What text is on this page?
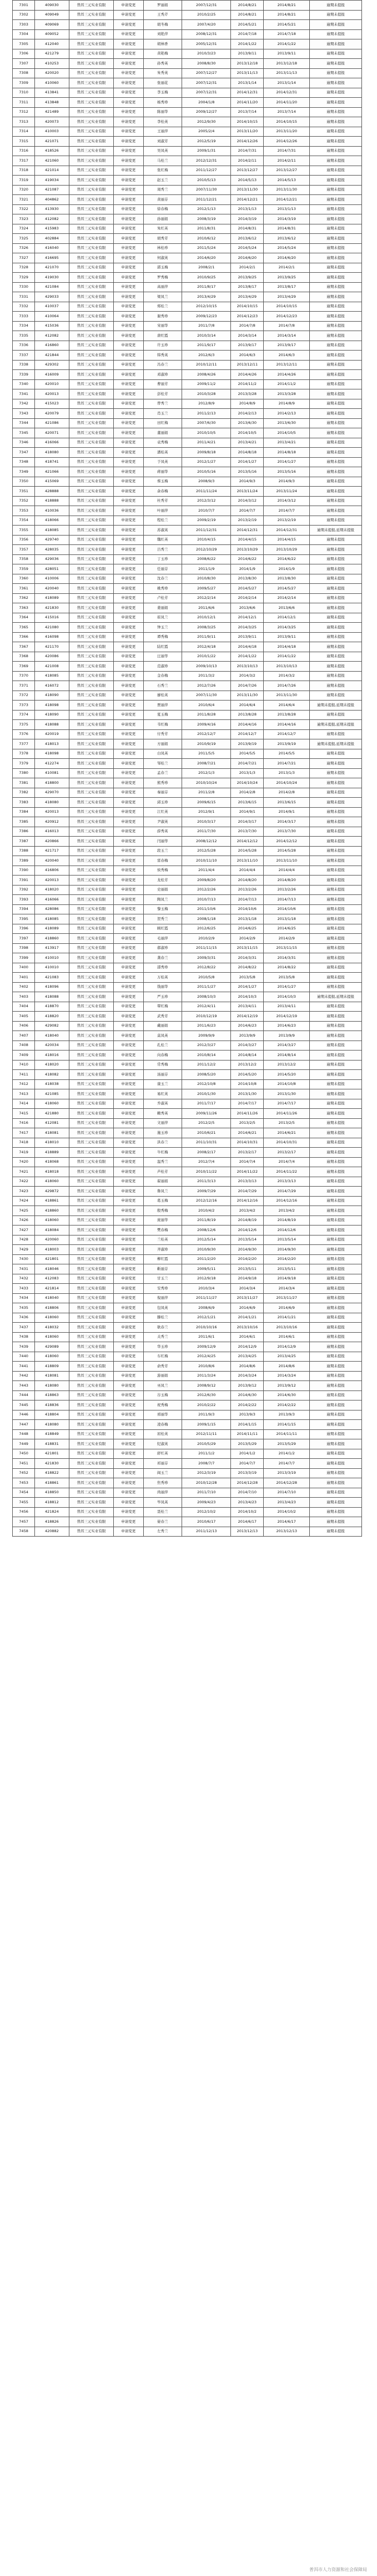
7301	409030	普洱三元实业有限	申请变更	罗丽娟	2007/12/31	2014/8/21	2014/8/21	逾期未提报
7302	409049	普洱三元实业有限	申请变更	王秀芹	2010/2/25	2014/8/21	2014/8/21	逾期未提报
7303	409069	普洱三元实业有限	申请变更	胡冬梅	2007/4/20	2014/5/21	2014/5/21	逾期未提报
7304	409052	普洱三元实业有限	申请变更	刘艳萍	2008/12/31	2014/7/18	2014/7/18	逾期未提报
7305	412040	普洱三元实业有限	申请变更	胡林香	2005/12/31	2014/1/22	2014/1/22	逾期未提报
7306	421279	普洱三元实业有限	申请变更	黄艳梅	2010/3/23	2013/9/11	2013/9/11	逾期未提报
7307	410253	普洱三元实业有限	申请变更	孙秀英	2008/8/30	2013/12/18	2013/12/18	逾期未提报
7308	420020	普洱三元实业有限	申请变更	朱秀英	2007/12/27	2013/11/13	2013/11/13	逾期未提报
7309	410060	普洱三元实业有限	申请变更	张丽花	2007/12/31	2013/1/14	2013/1/14	逾期未提报
7310	413841	普洱三元实业有限	申请变更	李玉梅	2007/12/31	2014/12/31	2014/12/31	逾期未提报
7311	413848	普洱三元实业有限	申请变更	杨秀珍	2004/1/8	2014/11/20	2014/11/20	逾期未提报
7312	421489	普洱三元实业有限	申请变更	陈丽华	2009/12/27	2013/7/14	2013/7/14	逾期未提报
7313	420073	普洱三元实业有限	申请变更	李桂英	2012/9/30	2014/10/15	2014/10/15	逾期未提报
7314	410003	普洱三元实业有限	申请变更	王丽萍	2005/2/4	2013/11/20	2013/11/20	逾期未提报
7315	421071	普洱三元实业有限	申请变更	刘淑芳	2012/5/19	2014/12/26	2014/12/26	逾期未提报
7316	418526	普洱三元实业有限	申请变更	吴凤英	2009/1/31	2014/7/31	2014/7/31	逾期未提报
7317	421060	普洱三元实业有限	申请变更	马桂兰	2012/12/31	2014/2/11	2014/2/11	逾期未提报
7318	421014	普洱三元实业有限	申请变更	张红梅	2011/12/27	2013/12/27	2013/12/27	逾期未提报
7319	419034	普洱三元实业有限	申请变更	赵玉兰	2010/5/13	2014/5/13	2014/5/13	逾期未提报
7320	421087	普洱三元实业有限	申请变更	周秀兰	2007/11/30	2013/11/30	2013/11/30	逾期未提报
7321	404862	普洱三元实业有限	申请变更	黄丽芬	2011/12/21	2014/12/21	2014/12/21	逾期未提报
7322	413930	普洱三元实业有限	申请变更	徐春梅	2012/1/13	2013/1/13	2013/1/13	逾期未提报
7323	412082	普洱三元实业有限	申请变更	孙丽娟	2008/3/19	2014/3/19	2014/3/19	逾期未提报
7324	415983	普洱三元实业有限	申请变更	朱红英	2011/8/31	2014/8/31	2014/8/31	逾期未提报
7325	402884	普洱三元实业有限	申请变更	胡秀芳	2010/6/12	2013/6/12	2013/6/12	逾期未提报
7326	416040	普洱三元实业有限	申请变更	林桂珍	2011/5/24	2014/5/24	2014/5/24	逾期未提报
7327	416695	普洱三元实业有限	申请变更	何淑英	2014/6/20	2014/6/20	2014/6/20	逾期未提报
7328	421070	普洱三元实业有限	申请变更	郭玉梅	2008/2/1	2014/2/1	2014/2/1	逾期未提报
7329	419030	普洱三元实业有限	申请变更	罗秀梅	2010/9/25	2013/9/25	2013/9/25	逾期未提报
7330	421084	普洱三元实业有限	申请变更	高丽萍	2011/8/17	2013/8/17	2013/8/17	逾期未提报
7331	429033	普洱三元实业有限	申请变更	梁凤兰	2013/4/29	2013/4/29	2013/4/29	逾期未提报
7332	410037	普洱三元实业有限	申请变更	郑桂兰	2012/10/15	2014/10/15	2014/10/15	逾期未提报
7333	410064	普洱三元实业有限	申请变更	谢秀珍	2009/12/23	2014/12/23	2014/12/23	逾期未提报
7334	415036	普洱三元实业有限	申请变更	宋丽华	2011/7/8	2014/7/8	2014/7/8	逾期未提报
7335	412082	普洱三元实业有限	申请变更	唐红霞	2010/3/14	2014/3/14	2014/3/14	逾期未提报
7336	416860	普洱三元实业有限	申请变更	许玉珍	2011/9/17	2013/9/17	2013/9/17	逾期未提报
7337	421844	普洱三元实业有限	申请变更	韩秀英	2012/6/3	2014/6/3	2014/6/3	逾期未提报
7338	429302	普洱三元实业有限	申请变更	冯春兰	2010/12/11	2013/12/11	2013/12/11	逾期未提报
7339	416009	普洱三元实业有限	申请变更	邓淑珍	2008/4/26	2014/4/26	2014/4/26	逾期未提报
7340	420010	普洱三元实业有限	申请变更	曹丽芳	2009/11/2	2014/11/2	2014/11/2	逾期未提报
7341	420013	普洱三元实业有限	申请变更	彭桂芳	2010/3/28	2013/3/28	2013/3/28	逾期未提报
7342	415023	普洱三元实业有限	申请变更	曾秀兰	2012/8/9	2014/8/9	2014/8/9	逾期未提报
7343	420079	普洱三元实业有限	申请变更	肖玉兰	2011/2/13	2014/2/13	2014/2/13	逾期未提报
7344	421086	普洱三元实业有限	申请变更	田红梅	2007/6/30	2013/6/30	2013/6/30	逾期未提报
7345	420071	普洱三元实业有限	申请变更	董丽娟	2010/10/5	2014/10/5	2014/10/5	逾期未提报
7346	416066	普洱三元实业有限	申请变更	袁秀梅	2011/4/21	2013/4/21	2013/4/21	逾期未提报
7347	418080	普洱三元实业有限	申请变更	潘桂英	2009/8/18	2014/8/18	2014/8/18	逾期未提报
7348	418741	普洱三元实业有限	申请变更	于凤英	2012/1/27	2014/1/27	2014/1/27	逾期未提报
7349	421066	普洱三元实业有限	申请变更	蒋丽华	2010/5/16	2013/5/16	2013/5/16	逾期未提报
7350	415069	普洱三元实业有限	申请变更	蔡玉梅	2008/9/3	2014/9/3	2014/9/3	逾期未提报
7351	428888	普洱三元实业有限	申请变更	余春梅	2011/11/24	2013/11/24	2013/11/24	逾期未提报
7352	418888	普洱三元实业有限	申请变更	杜秀芳	2012/3/12	2014/3/12	2014/3/12	逾期未提报
7353	410036	普洱三元实业有限	申请变更	叶丽萍	2010/7/7	2014/7/7	2014/7/7	逾期未提报
7354	418066	普洱三元实业有限	申请变更	程桂兰	2009/2/19	2013/2/19	2013/2/19	逾期未提报
7355	418085	普洱三元实业有限	申请变更	苏淑英	2011/12/31	2014/12/31	2014/12/31	逾期未提报,延期未提报
7356	429740	普洱三元实业有限	申请变更	魏红英	2010/4/15	2014/4/15	2014/4/15	逾期未提报
7357	428035	普洱三元实业有限	申请变更	吕秀兰	2012/10/29	2013/10/29	2013/10/29	逾期未提报
7358	429036	普洱三元实业有限	申请变更	丁玉珍	2008/6/22	2014/6/22	2014/6/22	逾期未提报
7359	428051	普洱三元实业有限	申请变更	任丽芬	2011/1/9	2014/1/9	2014/1/9	逾期未提报
7360	410006	普洱三元实业有限	申请变更	沈春兰	2010/8/30	2013/8/30	2013/8/30	逾期未提报
7361	420040	普洱三元实业有限	申请变更	姚秀珍	2009/5/27	2014/5/27	2014/5/27	逾期未提报
7362	418089	普洱三元实业有限	申请变更	卢桂芳	2012/2/14	2014/2/14	2014/2/14	逾期未提报
7363	421830	普洱三元实业有限	申请变更	姜丽娟	2011/6/6	2013/6/6	2013/6/6	逾期未提报
7364	415016	普洱三元实业有限	申请变更	崔凤兰	2010/12/1	2014/12/1	2014/12/1	逾期未提报
7365	421080	普洱三元实业有限	申请变更	钟玉兰	2008/3/25	2014/3/25	2014/3/25	逾期未提报
7366	416098	普洱三元实业有限	申请变更	谭秀梅	2011/9/11	2013/9/11	2013/9/11	逾期未提报
7367	421170	普洱三元实业有限	申请变更	陆红霞	2012/4/18	2014/4/18	2014/4/18	逾期未提报
7368	420086	普洱三元实业有限	申请变更	汪丽华	2010/1/22	2014/1/22	2014/1/22	逾期未提报
7369	421008	普洱三元实业有限	申请变更	范淑珍	2009/10/13	2013/10/13	2013/10/13	逾期未提报
7370	418085	普洱三元实业有限	申请变更	金春梅	2011/3/2	2014/3/2	2014/3/2	逾期未提报
7371	416072	普洱三元实业有限	申请变更	石秀兰	2012/7/26	2014/7/26	2014/7/26	逾期未提报
7372	418090	普洱三元实业有限	申请变更	廖桂英	2007/11/30	2013/11/30	2013/11/30	逾期未提报
7373	418098	普洱三元实业有限	申请变更	贾丽萍	2010/6/4	2014/6/4	2014/6/4	逾期未提报,延期未提报
7374	418090	普洱三元实业有限	申请变更	夏玉梅	2011/8/28	2013/8/28	2013/8/28	逾期未提报
7375	418088	普洱三元实业有限	申请变更	韦红梅	2009/4/16	2014/4/16	2014/4/16	逾期未提报,延期未提报
7376	420019	普洱三元实业有限	申请变更	付秀芳	2012/12/7	2014/12/7	2014/12/7	逾期未提报
7377	418013	普洱三元实业有限	申请变更	方丽娟	2010/9/19	2013/9/19	2013/9/19	逾期未提报,延期未提报
7378	418098	普洱三元实业有限	申请变更	白凤英	2011/5/5	2014/5/5	2014/5/5	逾期未提报
7379	412274	普洱三元实业有限	申请变更	邹桂兰	2008/7/21	2014/7/21	2014/7/21	逾期未提报
7380	410081	普洱三元实业有限	申请变更	孟春兰	2012/1/3	2013/1/3	2013/1/3	逾期未提报
7381	418800	普洱三元实业有限	申请变更	熊秀珍	2010/10/24	2014/10/24	2014/10/24	逾期未提报
7382	429070	普洱三元实业有限	申请变更	秦丽芬	2011/2/8	2014/2/8	2014/2/8	逾期未提报
7383	418080	普洱三元实业有限	申请变更	邱玉珍	2009/6/15	2013/6/15	2013/6/15	逾期未提报
7384	420013	普洱三元实业有限	申请变更	江红英	2012/9/1	2014/9/1	2014/9/1	逾期未提报
7385	420912	普洱三元实业有限	申请变更	尹淑英	2010/3/17	2014/3/17	2014/3/17	逾期未提报
7386	416013	普洱三元实业有限	申请变更	薛秀英	2011/7/30	2013/7/30	2013/7/30	逾期未提报
7387	420866	普洱三元实业有限	申请变更	闫丽华	2008/12/12	2014/12/12	2014/12/12	逾期未提报
7388	421717	普洱三元实业有限	申请变更	段玉兰	2012/5/28	2014/5/28	2014/5/28	逾期未提报
7389	420040	普洱三元实业有限	申请变更	雷春梅	2010/11/10	2013/11/10	2013/11/10	逾期未提报
7390	416806	普洱三元实业有限	申请变更	侯秀梅	2011/4/4	2014/4/4	2014/4/4	逾期未提报
7391	420013	普洱三元实业有限	申请变更	龙桂芳	2009/8/20	2014/8/20	2014/8/20	逾期未提报
7392	418020	普洱三元实业有限	申请变更	史丽娟	2012/2/26	2013/2/26	2013/2/26	逾期未提报
7393	416066	普洱三元实业有限	申请变更	陶凤兰	2010/7/13	2014/7/13	2014/7/13	逾期未提报
7394	428086	普洱三元实业有限	申请变更	黎玉梅	2011/10/6	2014/10/6	2014/10/6	逾期未提报
7395	418085	普洱三元实业有限	申请变更	贺秀兰	2008/1/18	2013/1/18	2013/1/18	逾期未提报
7396	418089	普洱三元实业有限	申请变更	顾红霞	2012/6/25	2014/6/25	2014/6/25	逾期未提报
7397	418860	普洱三元实业有限	申请变更	毛丽萍	2010/2/9	2014/2/9	2014/2/9	逾期未提报
7398	413917	普洱三元实业有限	申请变更	郝淑珍	2011/11/15	2013/11/15	2013/11/15	逾期未提报
7399	410010	普洱三元实业有限	申请变更	龚春兰	2009/3/31	2014/3/31	2014/3/31	逾期未提报
7400	410010	普洱三元实业有限	申请变更	邵秀珍	2012/8/22	2014/8/22	2014/8/22	逾期未提报
7401	421083	普洱三元实业有限	申请变更	万桂英	2010/5/8	2013/5/8	2013/5/8	逾期未提报
7402	418096	普洱三元实业有限	申请变更	钱丽华	2011/1/27	2014/1/27	2014/1/27	逾期未提报
7403	418088	普洱三元实业有限	申请变更	严玉珍	2008/10/3	2014/10/3	2014/10/3	逾期未提报,延期未提报
7404	418870	普洱三元实业有限	申请变更	覃红梅	2012/4/11	2013/4/11	2013/4/11	逾期未提报
7405	418820	普洱三元实业有限	申请变更	武秀芳	2010/12/19	2014/12/19	2014/12/19	逾期未提报
7406	429082	普洱三元实业有限	申请变更	戴丽娟	2011/6/23	2014/6/23	2014/6/23	逾期未提报
7407	418040	普洱三元实业有限	申请变更	莫凤英	2009/9/9	2013/9/9	2013/9/9	逾期未提报
7408	420034	普洱三元实业有限	申请变更	孔桂兰	2012/3/27	2014/3/27	2014/3/27	逾期未提报
7409	418016	普洱三元实业有限	申请变更	向春梅	2010/8/14	2014/8/14	2014/8/14	逾期未提报
7410	418020	普洱三元实业有限	申请变更	常秀梅	2011/12/2	2013/12/2	2013/12/2	逾期未提报
7411	418082	普洱三元实业有限	申请变更	汤丽芬	2008/5/20	2014/5/20	2014/5/20	逾期未提报
7412	418038	普洱三元实业有限	申请变更	康玉兰	2012/10/8	2014/10/8	2014/10/8	逾期未提报
7413	421085	普洱三元实业有限	申请变更	易红英	2010/1/30	2013/1/30	2013/1/30	逾期未提报
7414	418060	普洱三元实业有限	申请变更	乔淑英	2011/7/17	2014/7/17	2014/7/17	逾期未提报
7415	421880	普洱三元实业有限	申请变更	赖秀英	2009/11/26	2014/11/26	2014/11/26	逾期未提报
7416	412081	普洱三元实业有限	申请变更	文丽萍	2012/2/5	2013/2/5	2013/2/5	逾期未提报
7417	418081	普洱三元实业有限	申请变更	施玉珍	2010/6/21	2014/6/21	2014/6/21	逾期未提报
7418	418010	普洱三元实业有限	申请变更	洪春兰	2011/10/31	2014/10/31	2014/10/31	逾期未提报
7419	418889	普洱三元实业有限	申请变更	牛红梅	2008/2/17	2013/2/17	2013/2/17	逾期未提报
7420	418068	普洱三元实业有限	申请变更	温秀兰	2012/7/4	2014/7/4	2014/7/4	逾期未提报
7421	418018	普洱三元实业有限	申请变更	芦桂芳	2010/11/22	2014/11/22	2014/11/22	逾期未提报
7422	418060	普洱三元实业有限	申请变更	翟丽娟	2011/3/13	2013/3/13	2013/3/13	逾期未提报
7423	429872	普洱三元实业有限	申请变更	鲁凤兰	2009/7/29	2014/7/29	2014/7/29	逾期未提报
7424	418861	普洱三元实业有限	申请变更	葛玉梅	2012/12/16	2014/12/16	2014/12/16	逾期未提报
7425	418860	普洱三元实业有限	申请变更	殷秀梅	2010/4/2	2013/4/2	2013/4/2	逾期未提报
7426	418060	普洱三元实业有限	申请变更	庞丽华	2011/8/19	2014/8/19	2014/8/19	逾期未提报
7427	418084	普洱三元实业有限	申请变更	樊春梅	2008/12/6	2014/12/6	2014/12/6	逾期未提报
7428	420060	普洱三元实业有限	申请变更	兰桂英	2012/5/14	2013/5/14	2013/5/14	逾期未提报
7429	418003	普洱三元实业有限	申请变更	齐淑珍	2010/9/30	2014/9/30	2014/9/30	逾期未提报
7430	421801	普洱三元实业有限	申请变更	柳红霞	2011/2/20	2014/2/20	2014/2/20	逾期未提报
7431	418046	普洱三元实业有限	申请变更	靳丽芬	2009/5/11	2013/5/11	2013/5/11	逾期未提报
7432	412083	普洱三元实业有限	申请变更	甘玉兰	2012/9/18	2014/9/18	2014/9/18	逾期未提报
7433	421814	普洱三元实业有限	申请变更	安秀珍	2010/3/4	2014/3/4	2014/3/4	逾期未提报
7434	418040	普洱三元实业有限	申请变更	倪丽萍	2011/11/27	2013/11/27	2013/11/27	逾期未提报
7435	418806	普洱三元实业有限	申请变更	包凤英	2008/6/9	2014/6/9	2014/6/9	逾期未提报
7436	418060	普洱三元实业有限	申请变更	滕桂兰	2012/1/21	2014/1/21	2014/1/21	逾期未提报
7437	418032	普洱三元实业有限	申请变更	耿春兰	2010/10/16	2013/10/16	2013/10/16	逾期未提报
7438	418060	普洱三元实业有限	申请变更	关秀兰	2011/6/1	2014/6/1	2014/6/1	逾期未提报
7439	429089	普洱三元实业有限	申请变更	华玉珍	2009/12/9	2014/12/9	2014/12/9	逾期未提报
7440	418060	普洱三元实业有限	申请变更	车红梅	2012/4/25	2013/4/25	2013/4/25	逾期未提报
7441	418809	普洱三元实业有限	申请变更	俞秀芳	2010/8/6	2014/8/6	2014/8/6	逾期未提报
7442	418081	普洱三元实业有限	申请变更	游丽娟	2011/3/24	2014/3/24	2014/3/24	逾期未提报
7443	418080	普洱三元实业有限	申请变更	巫凤兰	2008/9/12	2013/9/12	2013/9/12	逾期未提报
7444	418863	普洱三元实业有限	申请变更	谷玉梅	2012/6/30	2014/6/30	2014/6/30	逾期未提报
7445	418836	普洱三元实业有限	申请变更	祝秀梅	2010/2/22	2014/2/22	2014/2/22	逾期未提报
7446	418804	普洱三元实业有限	申请变更	邢丽华	2011/9/3	2013/9/3	2013/9/3	逾期未提报
7447	418080	普洱三元实业有限	申请变更	凌春梅	2009/1/15	2014/1/15	2014/1/15	逾期未提报
7448	418849	普洱三元实业有限	申请变更	屈桂英	2012/11/11	2014/11/11	2014/11/11	逾期未提报
7449	418831	普洱三元实业有限	申请变更	纪淑英	2010/5/29	2013/5/29	2013/5/29	逾期未提报
7450	421801	普洱三元实业有限	申请变更	舒红英	2011/1/2	2014/1/2	2014/1/2	逾期未提报
7451	421830	普洱三元实业有限	申请变更	祁丽芬	2008/7/7	2014/7/7	2014/7/7	逾期未提报
7452	418822	普洱三元实业有限	申请变更	阎玉兰	2012/3/19	2013/3/19	2013/3/19	逾期未提报
7453	418861	普洱三元实业有限	申请变更	焦秀珍	2010/12/28	2014/12/28	2014/12/28	逾期未提报
7454	418850	普洱三元实业有限	申请变更	尚丽萍	2011/7/10	2014/7/10	2014/7/10	逾期未提报
7455	418812	普洱三元实业有限	申请变更	毕凤英	2009/4/23	2013/4/23	2013/4/23	逾期未提报
7456	421824	普洱三元实业有限	申请变更	聂桂兰	2012/10/2	2014/10/2	2014/10/2	逾期未提报
7457	418826	普洱三元实业有限	申请变更	晏春兰	2010/6/17	2014/6/17	2014/6/17	逾期未提报
7458	420882	普洱三元实业有限	申请变更	左秀兰	2011/12/13	2013/12/13	2013/12/13	逾期未提报
普洱市人力资源和社会保障局
